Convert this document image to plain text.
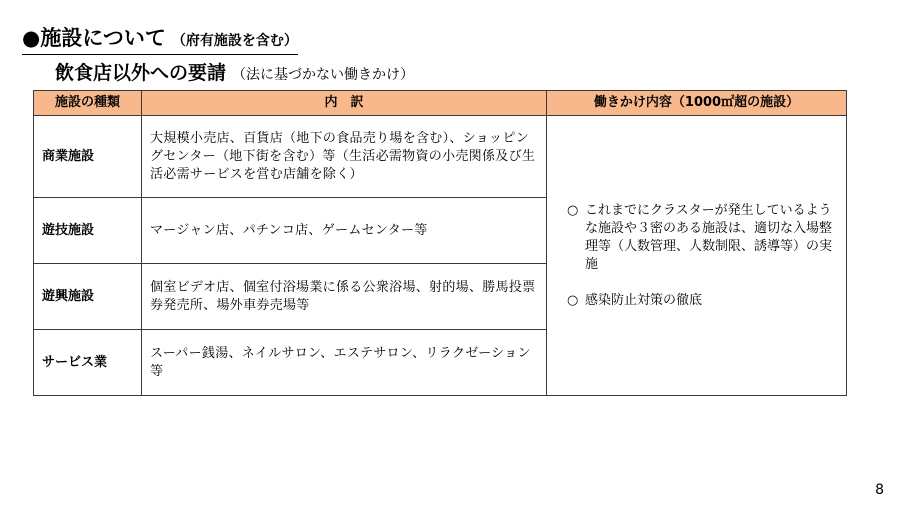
●施設について （府有施設を含む）
飲食店以外への要請 （法に基づかない働きかけ）
施設の種類	内　訳	働きかけ内容（1000㎡超の施設）
商業施設	大規模小売店、百貨店（地下の食品売り場を含む）、ショッピングセンター（地下街を含む）等（生活必需物資の小売関係及び生活必需サービスを営む店舗を除く）	○ これまでにクラスターが発生しているような施設や３密のある施設は、適切な入場整理等（人数管理、人数制限、誘導等）の実施
○ 感染防止対策の徹底

遊技施設	マージャン店、パチンコ店、ゲームセンター等	
遊興施設	個室ビデオ店、個室付浴場業に係る公衆浴場、射的場、勝馬投票券発売所、場外車券売場等	
サービス業	スーパー銭湯、ネイルサロン、エステサロン、リラクゼーション　等	
8
